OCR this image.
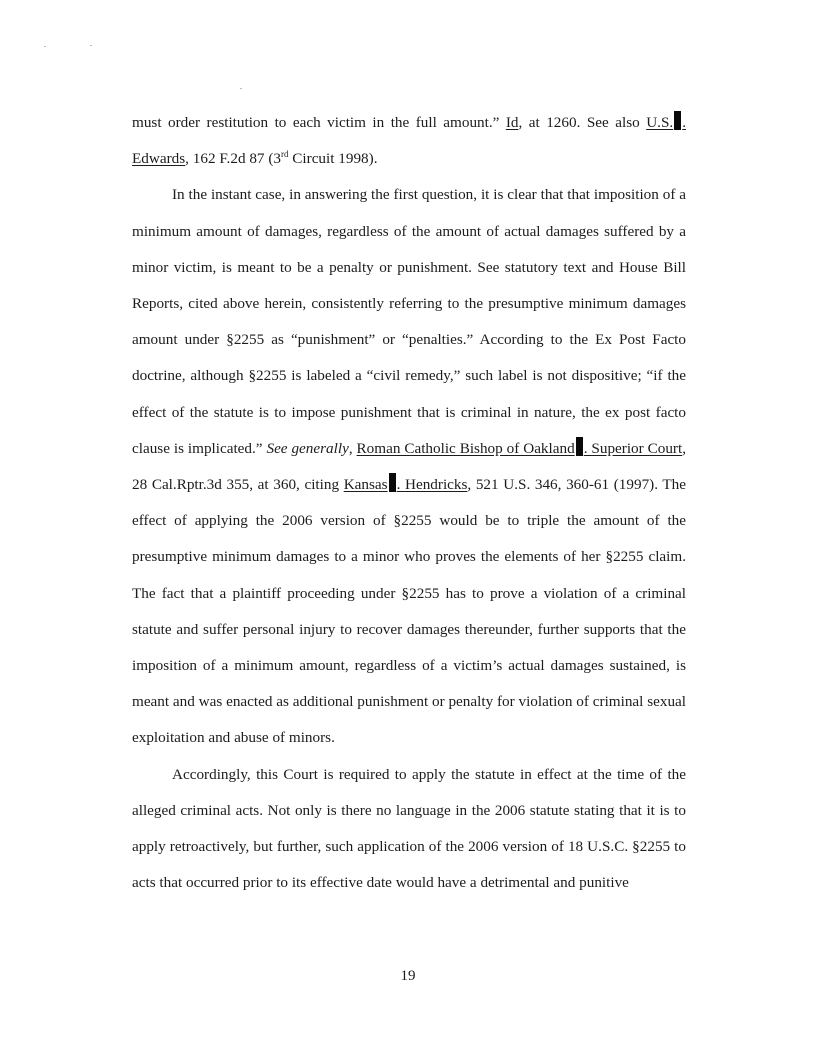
must order restitution to each victim in the full amount.” Id, at 1260. See also U.S. . Edwards, 162 F.2d 87 (3rd Circuit 1998).

In the instant case, in answering the first question, it is clear that that imposition of a minimum amount of damages, regardless of the amount of actual damages suffered by a minor victim, is meant to be a penalty or punishment. See statutory text and House Bill Reports, cited above herein, consistently referring to the presumptive minimum damages amount under §2255 as “punishment” or “penalties.” According to the Ex Post Facto doctrine, although §2255 is labeled a “civil remedy,” such label is not dispositive; “if the effect of the statute is to impose punishment that is criminal in nature, the ex post facto clause is implicated.” See generally, Roman Catholic Bishop of Oakland . Superior Court, 28 Cal.Rptr.3d 355, at 360, citing Kansas . Hendricks, 521 U.S. 346, 360-61 (1997). The effect of applying the 2006 version of §2255 would be to triple the amount of the presumptive minimum damages to a minor who proves the elements of her §2255 claim. The fact that a plaintiff proceeding under §2255 has to prove a violation of a criminal statute and suffer personal injury to recover damages thereunder, further supports that the imposition of a minimum amount, regardless of a victim’s actual damages sustained, is meant and was enacted as additional punishment or penalty for violation of criminal sexual exploitation and abuse of minors.

Accordingly, this Court is required to apply the statute in effect at the time of the alleged criminal acts. Not only is there no language in the 2006 statute stating that it is to apply retroactively, but further, such application of the 2006 version of 18 U.S.C. §2255 to acts that occurred prior to its effective date would have a detrimental and punitive

19
